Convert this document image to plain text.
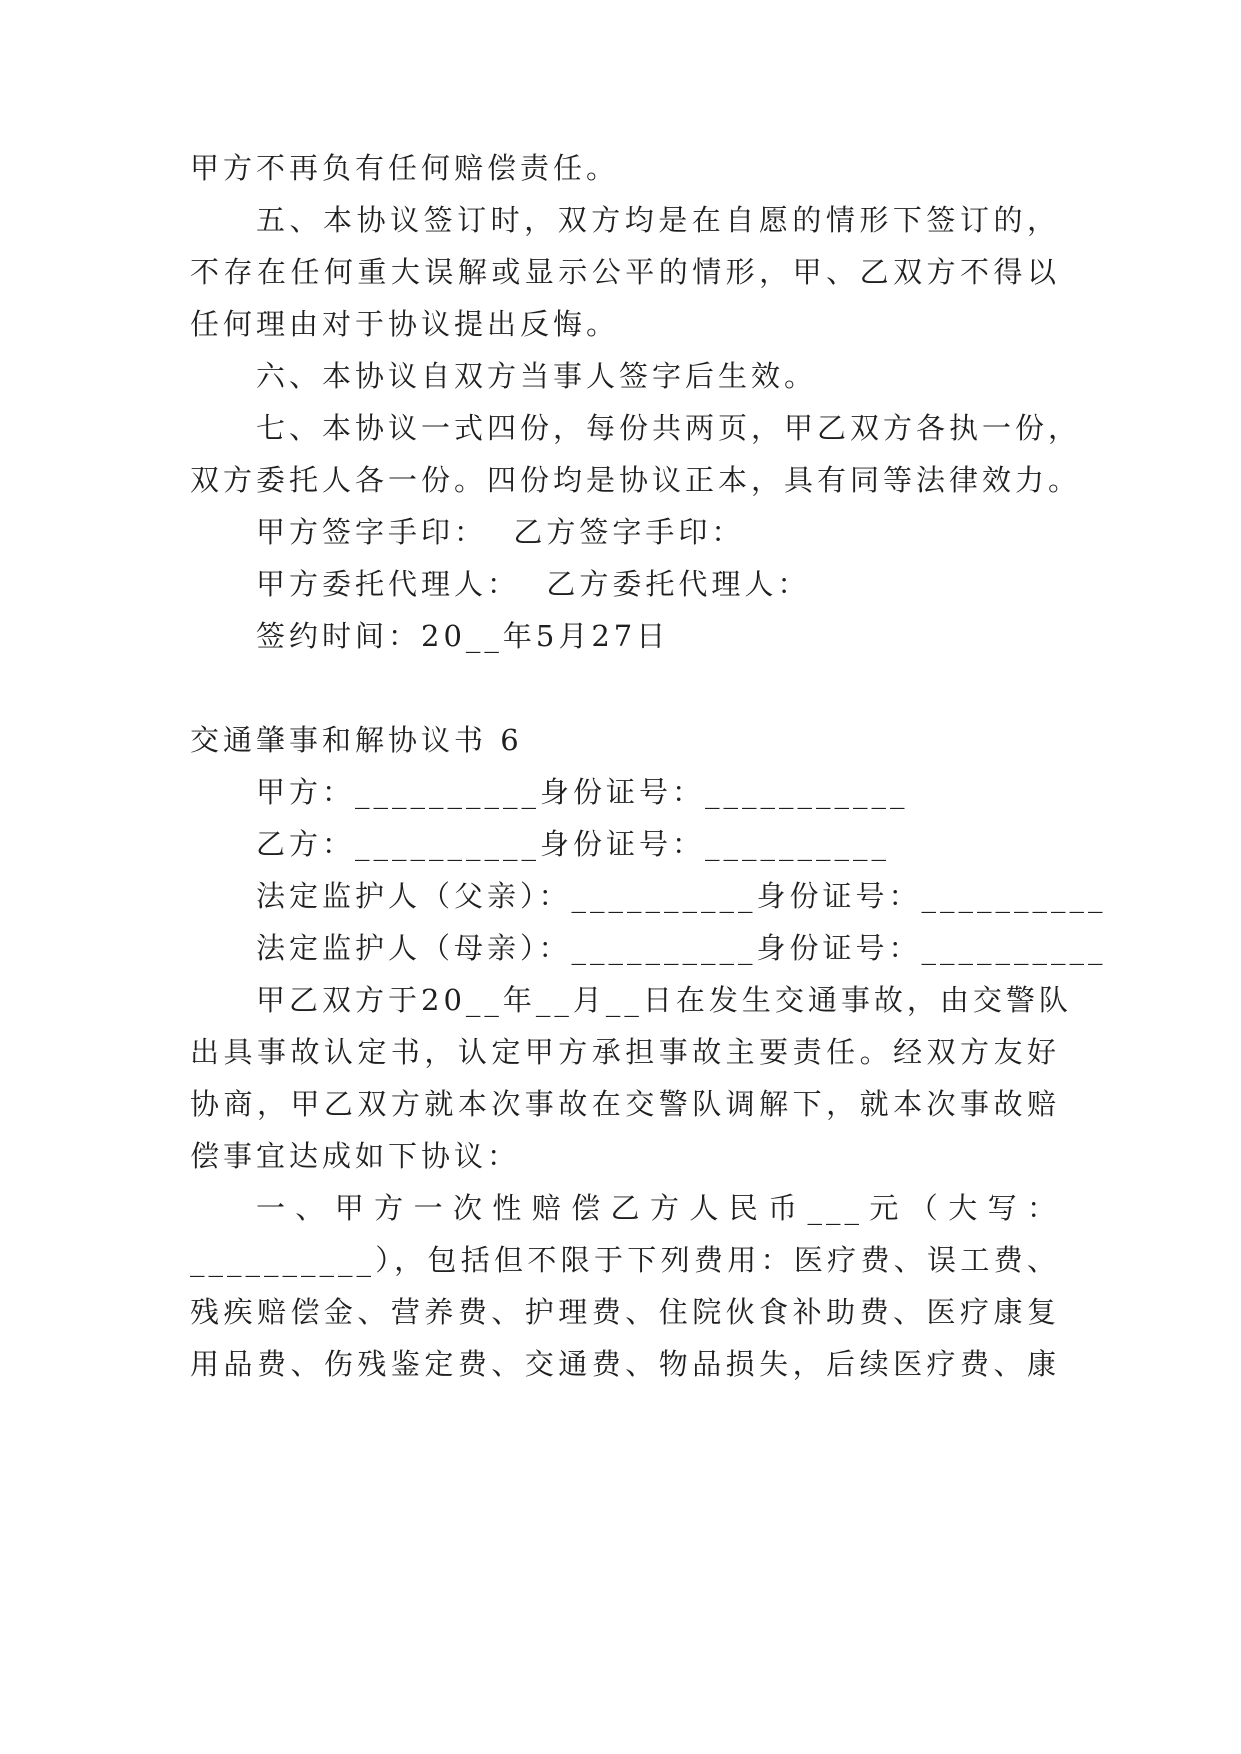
甲方不再负有任何赔偿责任。
五、本协议签订时，双方均是在自愿的情形下签订的，
不存在任何重大误解或显示公平的情形，甲、乙双方不得以
任何理由对于协议提出反悔。
六、本协议自双方当事人签字后生效。
七、本协议一式四份，每份共两页，甲乙双方各执一份，
双方委托人各一份。四份均是协议正本，具有同等法律效力。
甲方签字手印：  乙方签字手印：
甲方委托代理人：  乙方委托代理人：
签约时间：20__年5月27日
交通肇事和解协议书 6
甲方：__________身份证号：___________
乙方：__________身份证号：__________
法定监护人（父亲）：__________身份证号：__________
法定监护人（母亲）：__________身份证号：__________
甲乙双方于20__年__月__日在发生交通事故，由交警队
出具事故认定书，认定甲方承担事故主要责任。经双方友好
协商，甲乙双方就本次事故在交警队调解下，就本次事故赔
偿事宜达成如下协议：
一、甲方一次性赔偿乙方人民币___元（大写：
__________），包括但不限于下列费用：医疗费、误工费、
残疾赔偿金、营养费、护理费、住院伙食补助费、医疗康复
用品费、伤残鉴定费、交通费、物品损失，后续医疗费、康
